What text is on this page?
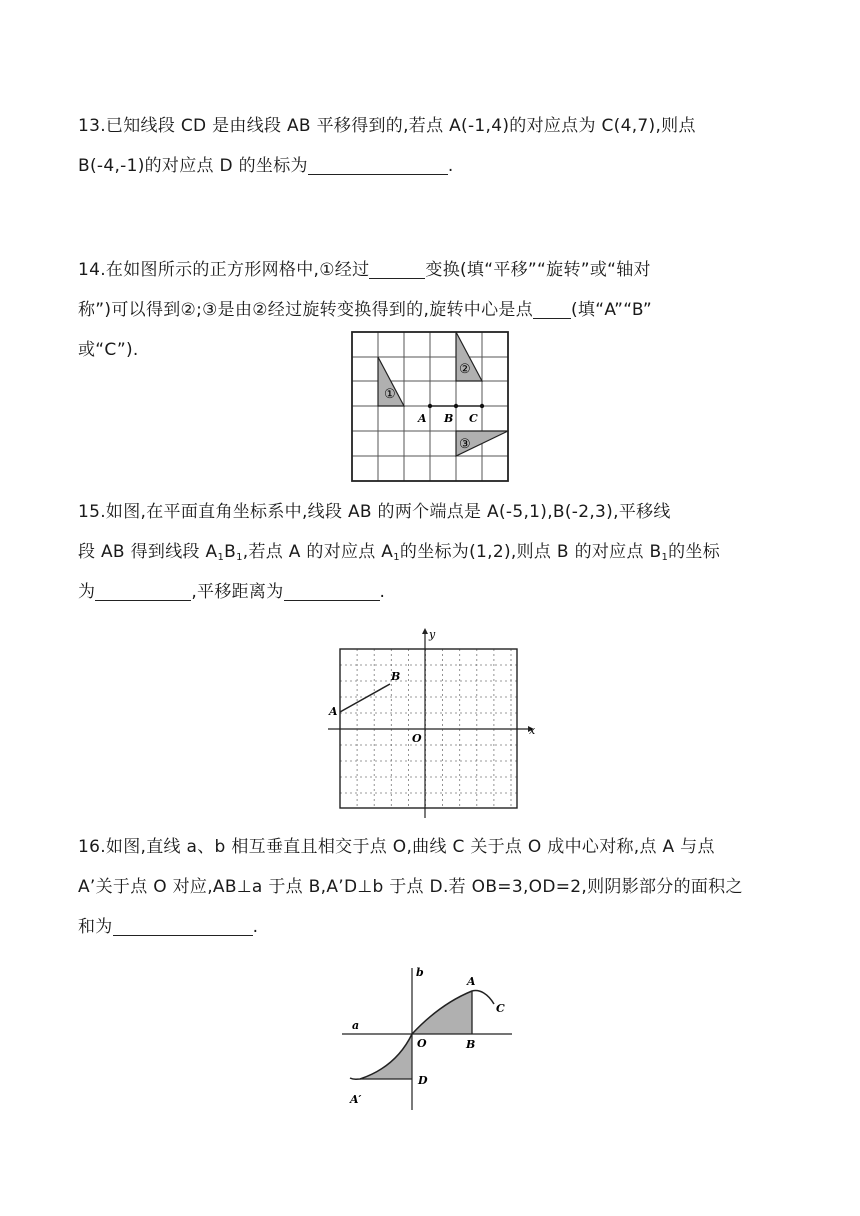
13.已知线段 CD 是由线段 AB 平移得到的,若点 A(-1,4)的对应点为 C(4,7),则点

B(-4,-1)的对应点 D 的坐标为	.

14.在如图所示的正方形网格中,①经过	变换(填“平移”“旋转”或“轴对

称”)可以得到②;③是由②经过旋转变换得到的,旋转中心是点 (填“A”“B”

或“C”).

①
②
③
A B C

15.如图,在平面直角坐标系中,线段 AB 的两个端点是 A(-5,1),B(-2,3),平移线

段 AB 得到线段 $A_1B_1$,若点 A 的对应点 $A_1$的坐标为(1,2),则点 B 的对应点 $B_1$的坐标

为	,平移距离为	.

x
y
O
A
B

16.如图,直线 a、b 相互垂直且相交于点 O,曲线 C 关于点 O 成中心对称,点 A 与点

A’关于点 O 对应,AB⊥a 于点 B,A’D⊥b 于点 D.若 OB=3,OD=2,则阴影部分的面积之

和为	.

a
b
O
A
B
C
D
A′
